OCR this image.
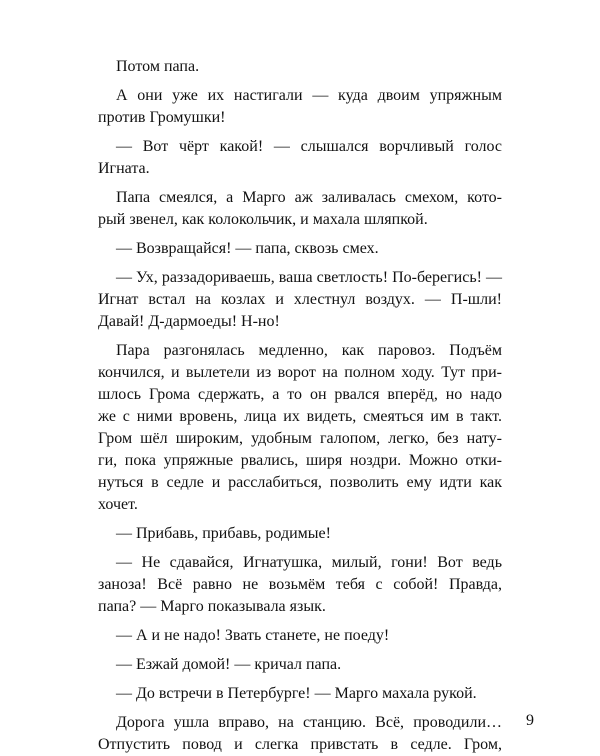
Потом папа.
А они уже их настигали — куда двоим упряжным
против Громушки!
— Вот чёрт какой! — слышался ворчливый голос
Игната.
Папа смеялся, а Марго аж заливалась смехом, кото-
рый звенел, как колокольчик, и махала шляпкой.
— Возвращайся! — папа, сквозь смех.
— Ух, раззадориваешь, ваша светлость! По-берегись! —
Игнат встал на козлах и хлестнул воздух. — П-шли!
Давай! Д-дармоеды! Н-но!
Пара разгонялась медленно, как паровоз. Подъём
кончился, и вылетели из ворот на полном ходу. Тут при-
шлось Грома сдержать, а то он рвался вперёд, но надо
же с ними вровень, лица их видеть, смеяться им в такт.
Гром шёл широким, удобным галопом, легко, без нату-
ги, пока упряжные рвались, ширя ноздри. Можно отки-
нуться в седле и расслабиться, позволить ему идти как
хочет.
— Прибавь, прибавь, родимые!
— Не сдавайся, Игнатушка, милый, гони! Вот ведь
заноза! Всё равно не возьмём тебя с собой! Правда,
папа? — Марго показывала язык.
— А и не надо! Звать станете, не поеду!
— Езжай домой! — кричал папа.
— До встречи в Петербурге! — Марго махала рукой.
Дорога ушла вправо, на станцию. Всё, проводили…
Отпустить повод и слегка привстать в седле. Гром,
9
